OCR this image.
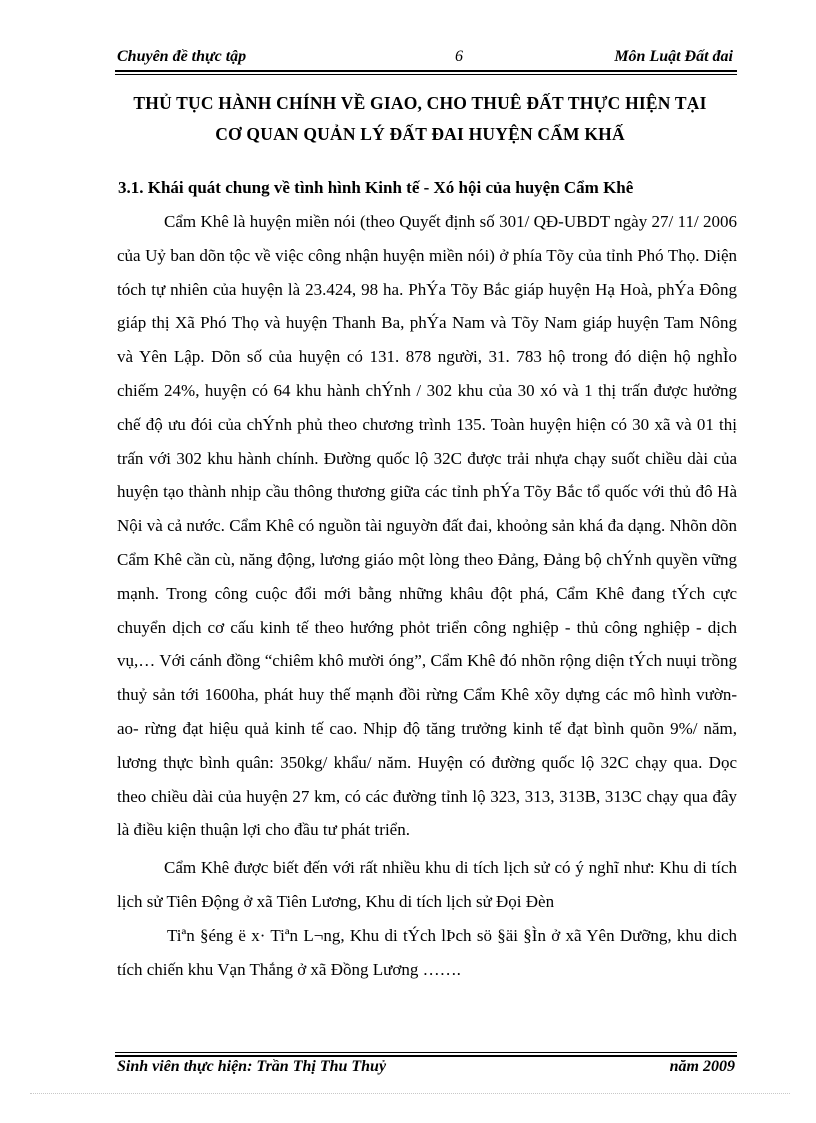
Chuyên đề thực tập	6	Môn Luật Đất đai
THỦ TỤC HÀNH CHÍNH VỀ GIAO, CHO THUÊ ĐẤT THỰC HIỆN TẠI
CƠ QUAN QUẢN LÝ ĐẤT ĐAI HUYỆN CẨM KHẤ
3.1. Khái quát chung về tình hình Kinh tế - Xó hội của huyện Cẩm Khê

Cẩm Khê là huyện miền nói (theo Quyết định số 301/ QĐ-UBDT ngày 27/ 11/ 2006 của Uỷ ban dõn tộc về việc công nhận huyện miền nói) ở phía Tõy của tỉnh Phó Thọ. Diện tóch tự nhiên của huyện là 23.424, 98 ha. PhÝa Tõy Bắc giáp huyện Hạ Hoà, phÝa Đông giáp thị Xã Phó Thọ và huyện Thanh Ba, phÝa Nam và Tõy Nam giáp huyện Tam Nông và Yên Lập. Dõn số của huyện có 131. 878 người, 31. 783 hộ trong đó diện hộ nghÌo chiếm 24%, huyện có 64 khu hành chÝnh / 302 khu của 30 xó và 1 thị trấn được hưởng chế độ ưu đói của chÝnh phủ theo chương trình 135. Toàn huyện hiện có 30 xã và 01 thị trấn với 302 khu hành chính. Đường quốc lộ 32C được trải nhựa chạy suốt chiều dài của huyện tạo thành nhịp cầu thông thương giữa các tỉnh phÝa Tõy Bắc tổ quốc với thủ đô Hà Nội và cả nước. Cẩm Khê có nguồn tài nguyờn đất đai, khoỏng sản khá đa dạng. Nhõn dõn Cẩm Khê cần cù, năng động, lương giáo một lòng theo Đảng, Đảng bộ chÝnh quyền vững mạnh. Trong công cuộc đổi mới bằng những khâu đột phá, Cẩm Khê đang tÝch cực chuyển dịch cơ cấu kinh tế theo hướng phỏt triển công nghiệp - thủ công nghiệp - dịch vụ,… Với cánh đồng “chiêm khô mười óng”, Cẩm Khê đó nhõn rộng diện tÝch nuụi trồng thuỷ sản tới 1600ha, phát huy thế mạnh đồi rừng Cẩm Khê xõy dựng các mô hình vườn- ao- rừng đạt hiệu quả kinh tế cao. Nhịp độ tăng trưởng kinh tế đạt bình quõn 9%/ năm, lương thực bình quân: 350kg/ khẩu/ năm. Huyện có đường quốc lộ 32C chạy qua. Dọc theo chiều dài của huyện 27 km, có các đường tỉnh lộ 323, 313, 313B, 313C chạy qua đây là điều kiện thuận lợi cho đầu tư phát triển.

Cẩm Khê được biết đến với rất nhiều khu di tích lịch sử có ý nghĩ như: Khu di tích lịch sử Tiên Động ở xã Tiên Lương, Khu di tích lịch sử Đọi Đèn

Tiªn §éng ë x· Tiªn L¬ng, Khu di tÝch lÞch sö §äi §Ìn ở xã Yên Dưỡng, khu dich tích chiến khu Vạn Thắng ở xã Đồng Lương …….

Sinh viên thực hiện: Trần Thị Thu Thuỷ	năm 2009
